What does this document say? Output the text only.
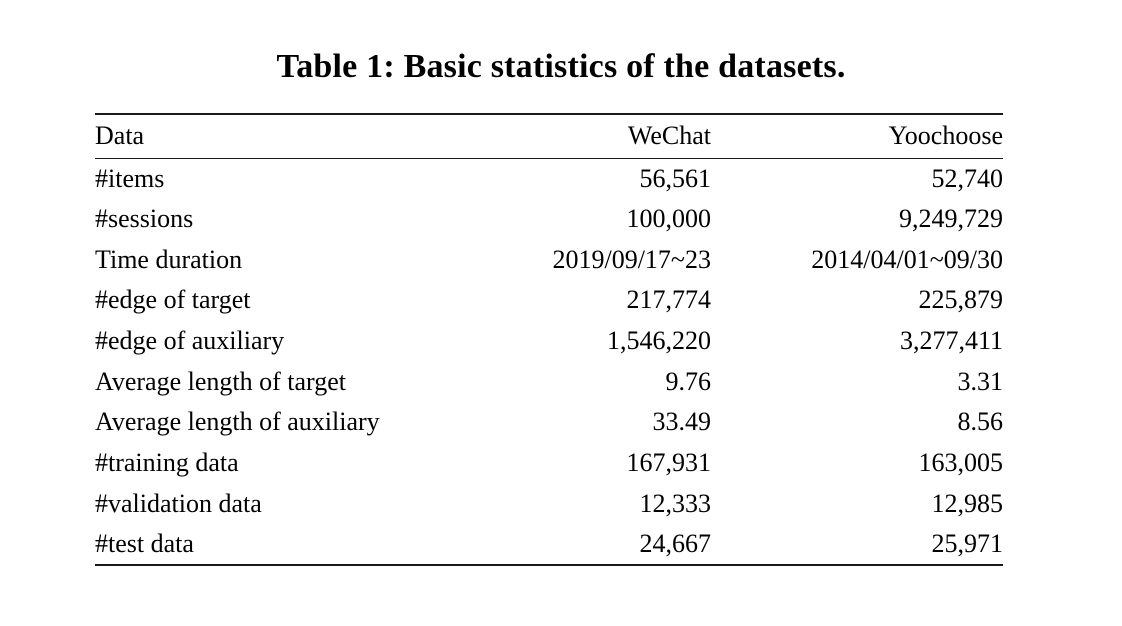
Table 1: Basic statistics of the datasets.
Data	WeChat	Yoochoose
#items	56,561	52,740
#sessions	100,000	9,249,729
Time duration	2019/09/17~23	2014/04/01~09/30
#edge of target	217,774	225,879
#edge of auxiliary	1,546,220	3,277,411
Average length of target	9.76	3.31
Average length of auxiliary	33.49	8.56
#training data	167,931	163,005
#validation data	12,333	12,985
#test data	24,667	25,971
